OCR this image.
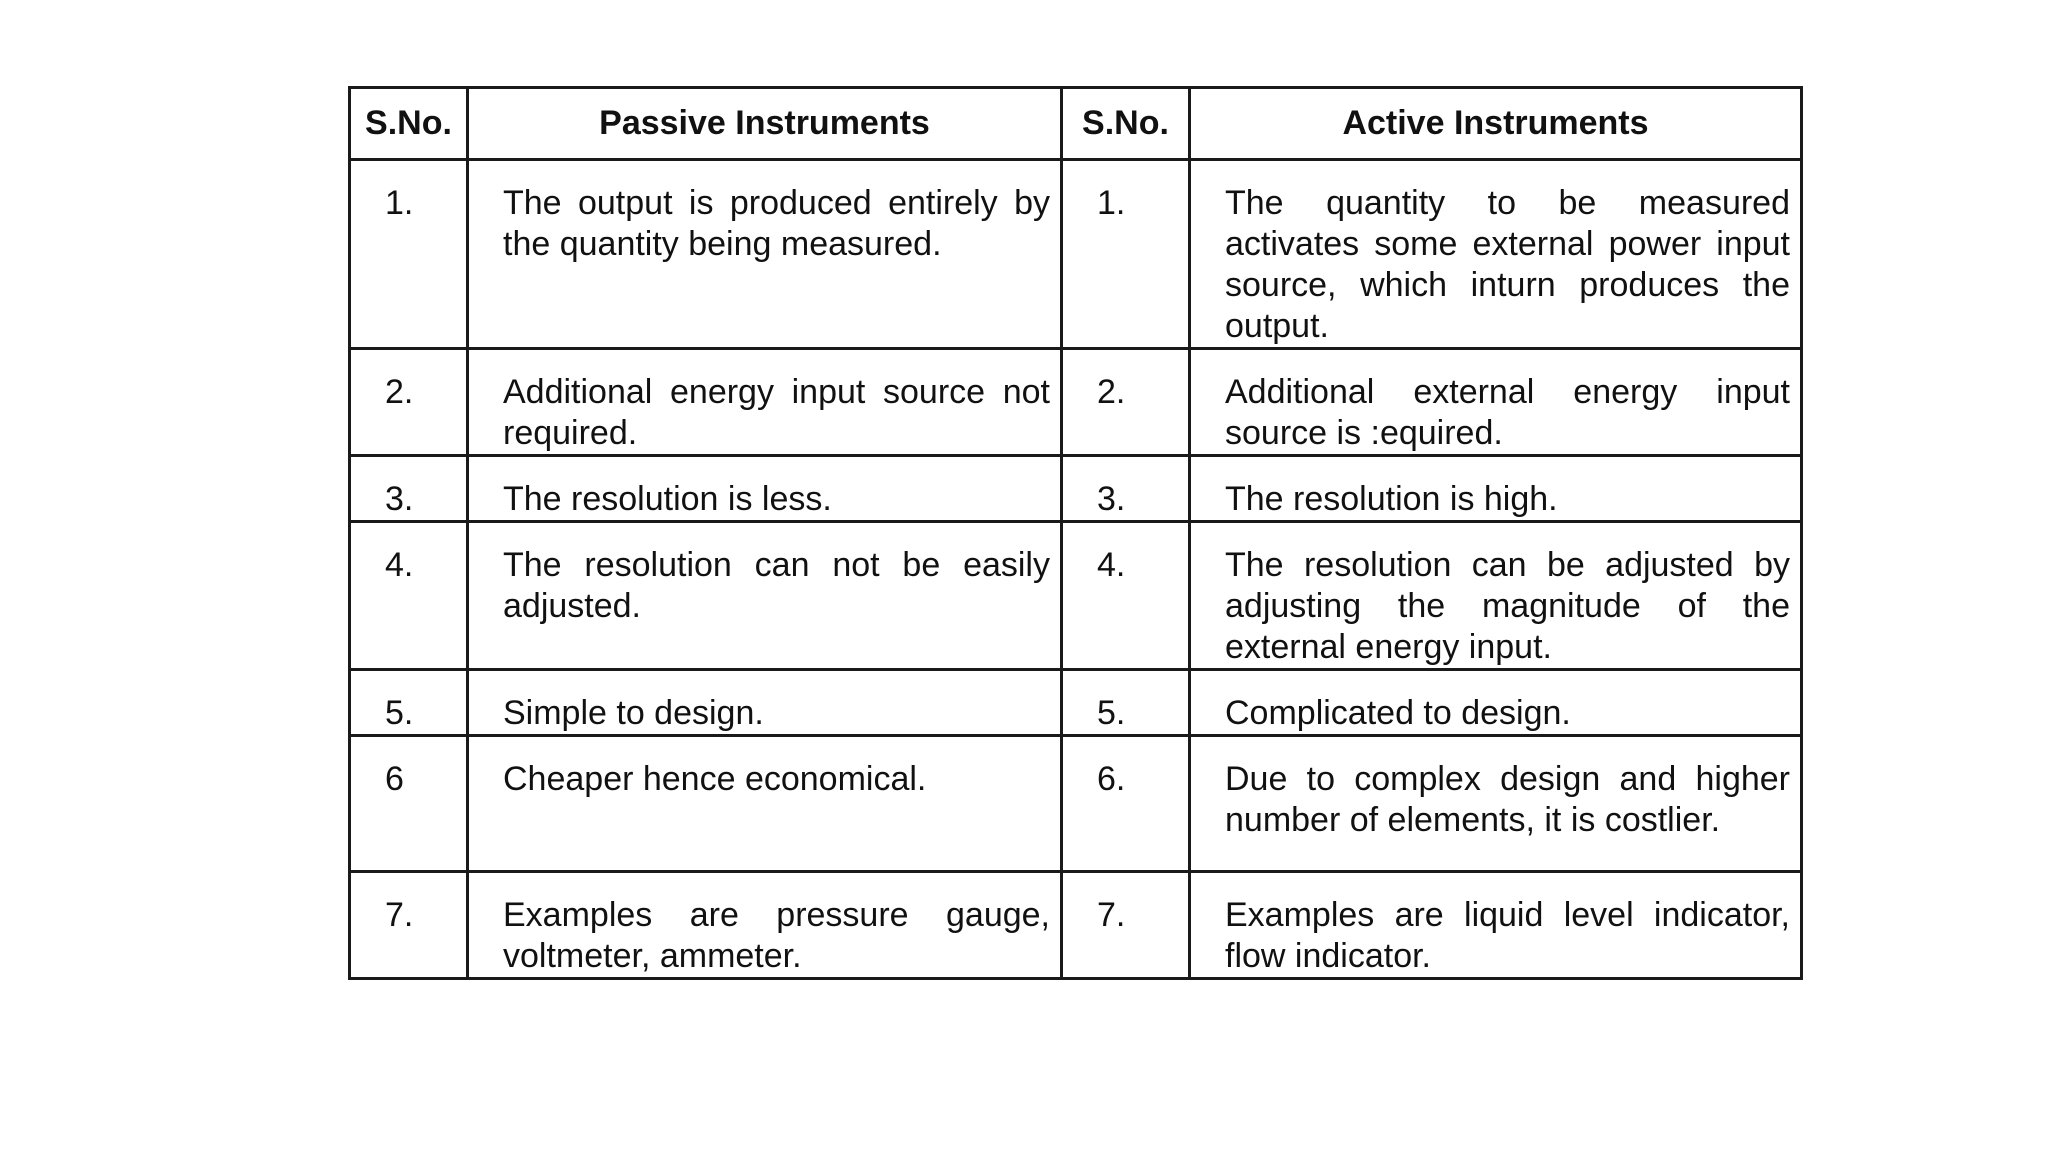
S.No.	Passive Instruments	S.No.	Active Instruments
1.	The output is produced entirely by the quantity being measured.	1.	The quantity to be measured activates some external power input source, which inturn produces the output.
2.	Additional energy input source not required.	2.	Additional external energy input source is :equired.
3.	The resolution is less.	3.	The resolution is high.
4.	The resolution can not be easily adjusted.	4.	The resolution can be adjusted by adjusting the magnitude of the external energy input.
5.	Simple to design.	5.	Complicated to design.
6	Cheaper hence economical.	6.	Due to complex design and higher number of elements, it is costlier.
7.	Examples are pressure gauge, voltmeter, ammeter.	7.	Examples are liquid level indicator, flow indicator.
